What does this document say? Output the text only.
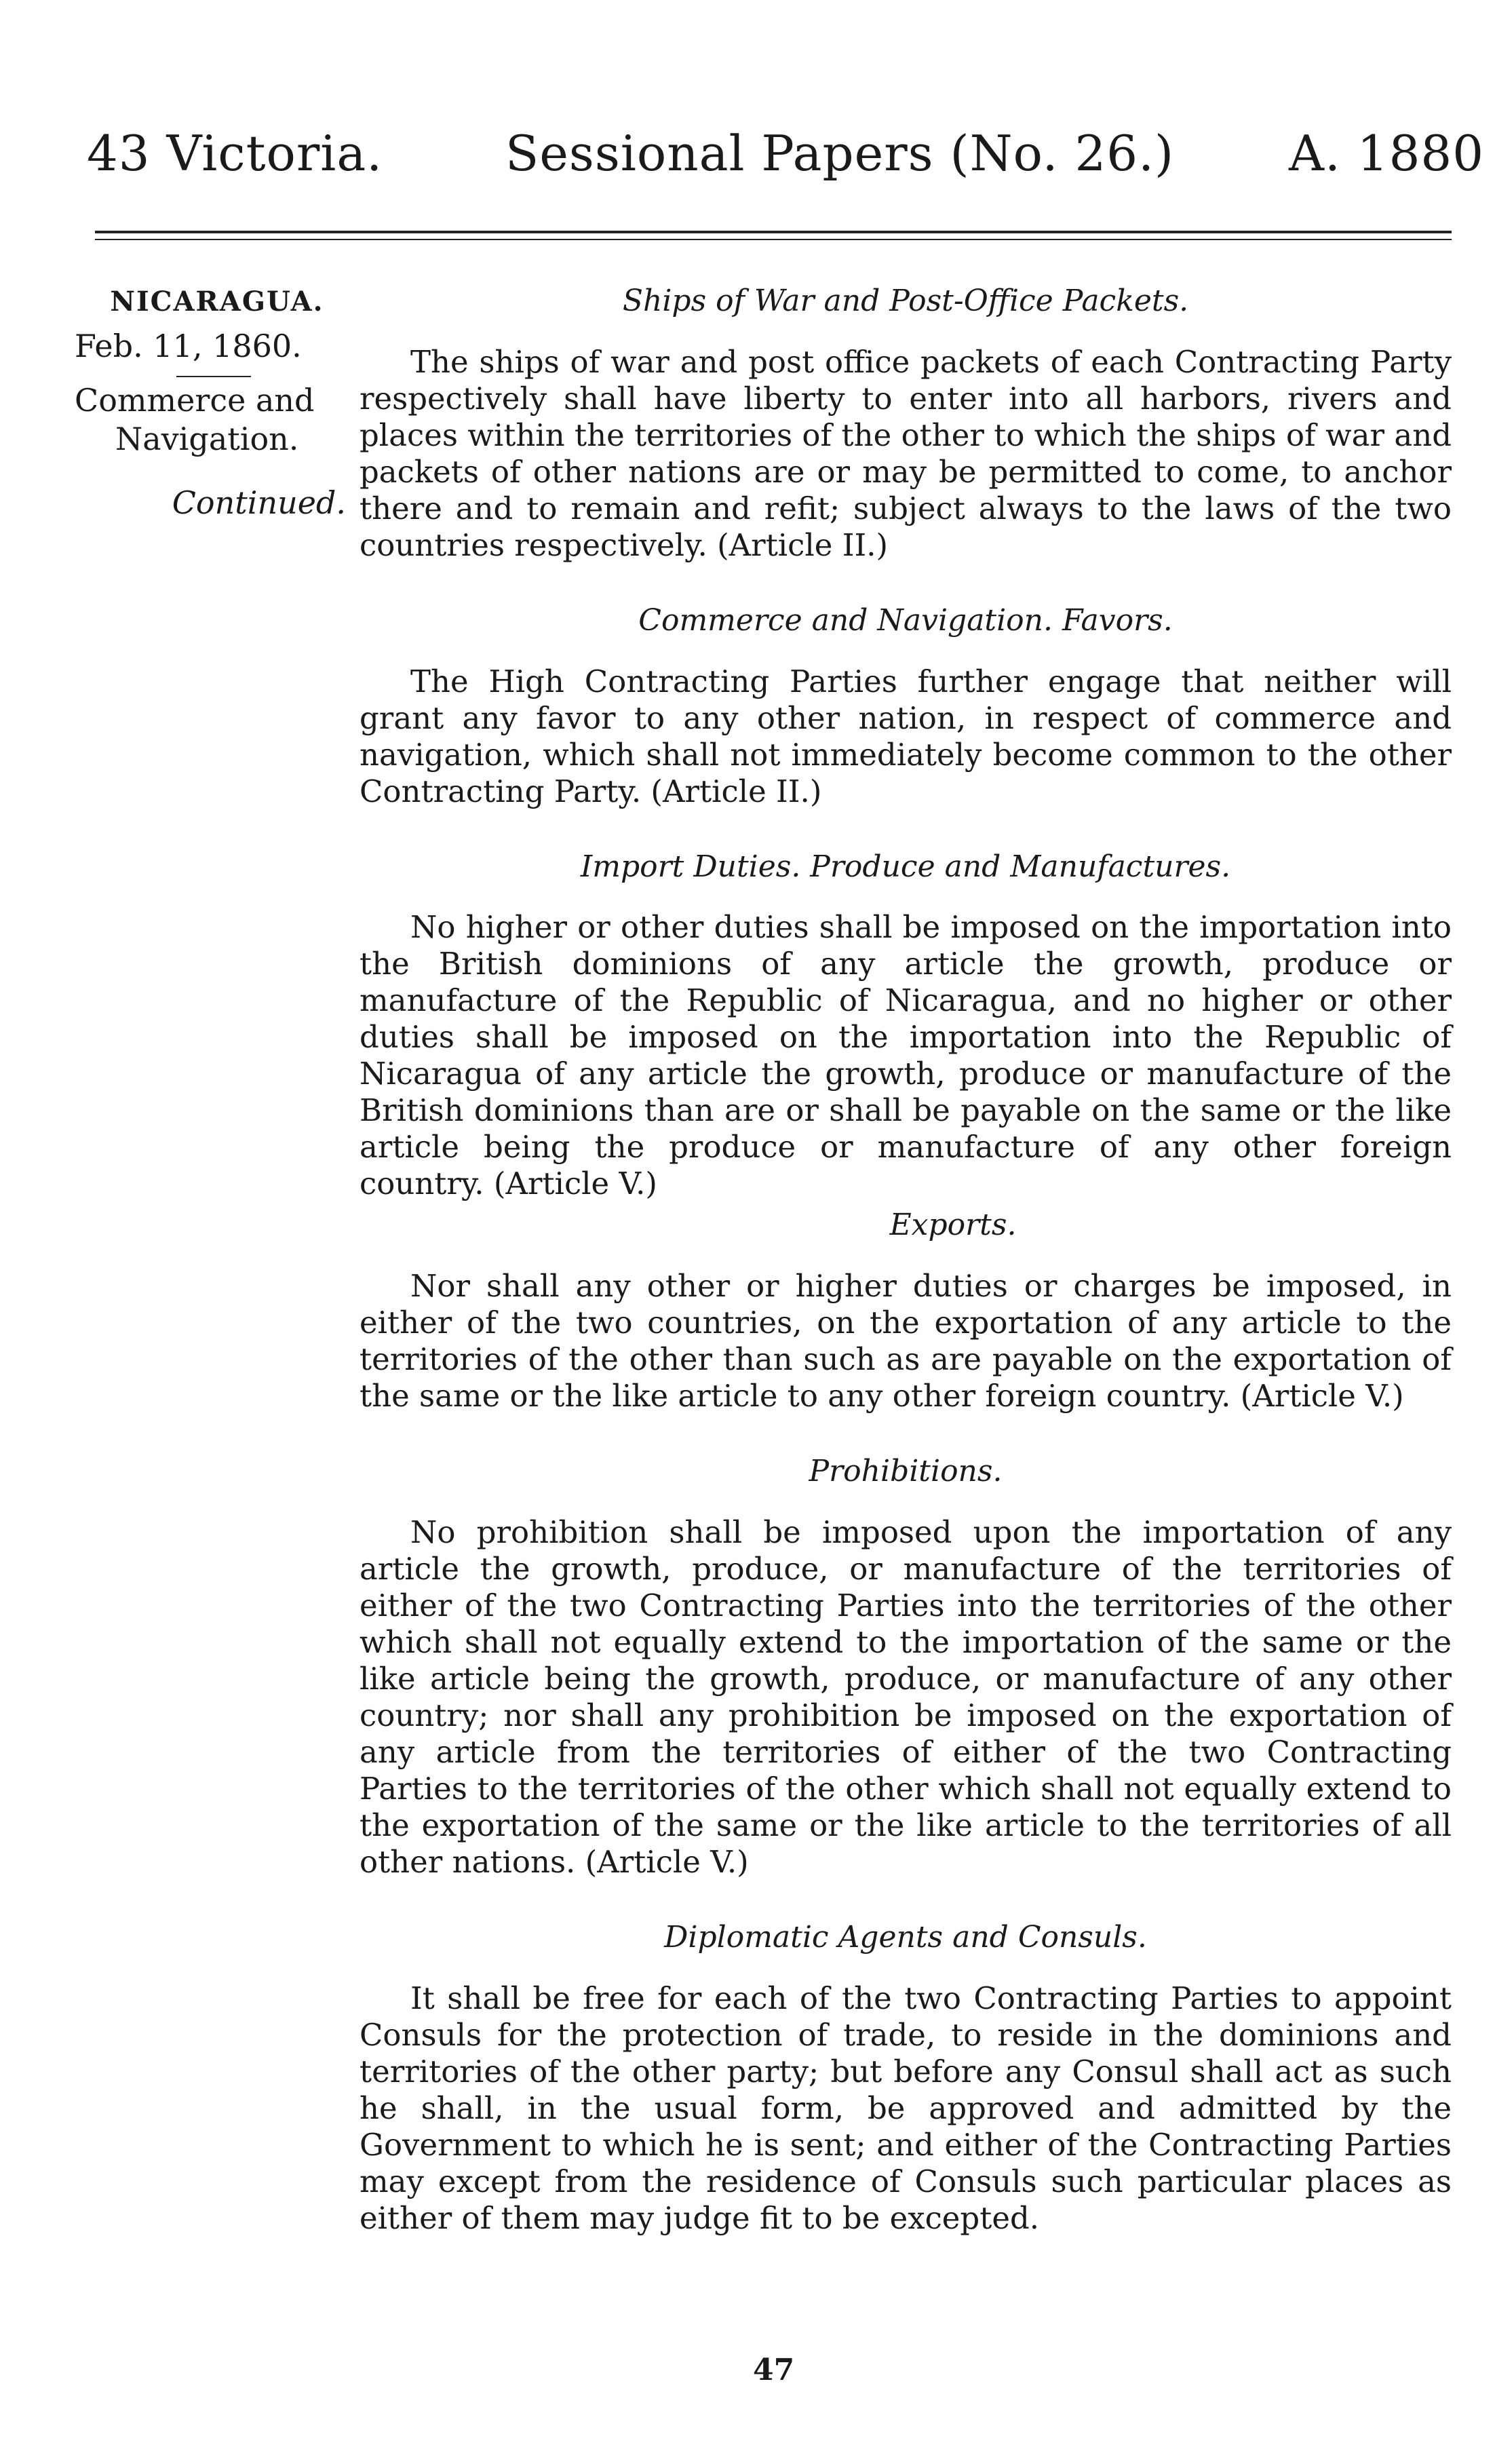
43 Victoria.	Sessional Papers (No. 26.) A. 1880
NICARAGUA.
Feb. 11, 1860.
Commerce and
Navigation.
Continued.

Ships of War and Post-Office Packets.

The ships of war and post office packets of each Contracting Party respectively shall have liberty to enter into all harbors, rivers and places within the territories of the other to which the ships of war and packets of other nations are or may be permitted to come, to anchor there and to remain and refit; subject always to the laws of the two countries respectively. (Article II.)

Commerce and Navigation. Favors.

The High Contracting Parties further engage that neither will grant any favor to any other nation, in respect of commerce and navigation, which shall not immediately become common to the other Contracting Party. (Article II.)

Import Duties. Produce and Manufactures.

No higher or other duties shall be imposed on the importation into the British dominions of any article the growth, produce or manufacture of the Republic of Nicaragua, and no higher or other duties shall be imposed on the importation into the Republic of Nicaragua of any article the growth, produce or manufacture of the British dominions than are or shall be payable on the same or the like article being the produce or manufacture of any other foreign country. (Article V.)

Exports.

Nor shall any other or higher duties or charges be imposed, in either of the two countries, on the exportation of any article to the territories of the other than such as are payable on the exportation of the same or the like article to any other foreign country. (Article V.)

Prohibitions.

No prohibition shall be imposed upon the importation of any article the growth, produce, or manufacture of the territories of either of the two Contracting Parties into the territories of the other which shall not equally extend to the importation of the same or the like article being the growth, produce, or manufacture of any other country; nor shall any prohibition be imposed on the exportation of any article from the territories of either of the two Contracting Parties to the territories of the other which shall not equally extend to the exportation of the same or the like article to the territories of all other nations. (Article V.)

Diplomatic Agents and Consuls.

It shall be free for each of the two Contracting Parties to appoint Consuls for the protection of trade, to reside in the dominions and territories of the other party; but before any Consul shall act as such he shall, in the usual form, be approved and admitted by the Government to which he is sent; and either of the Contracting Parties may except from the residence of Consuls such particular places as either of them may judge fit to be excepted.

47
